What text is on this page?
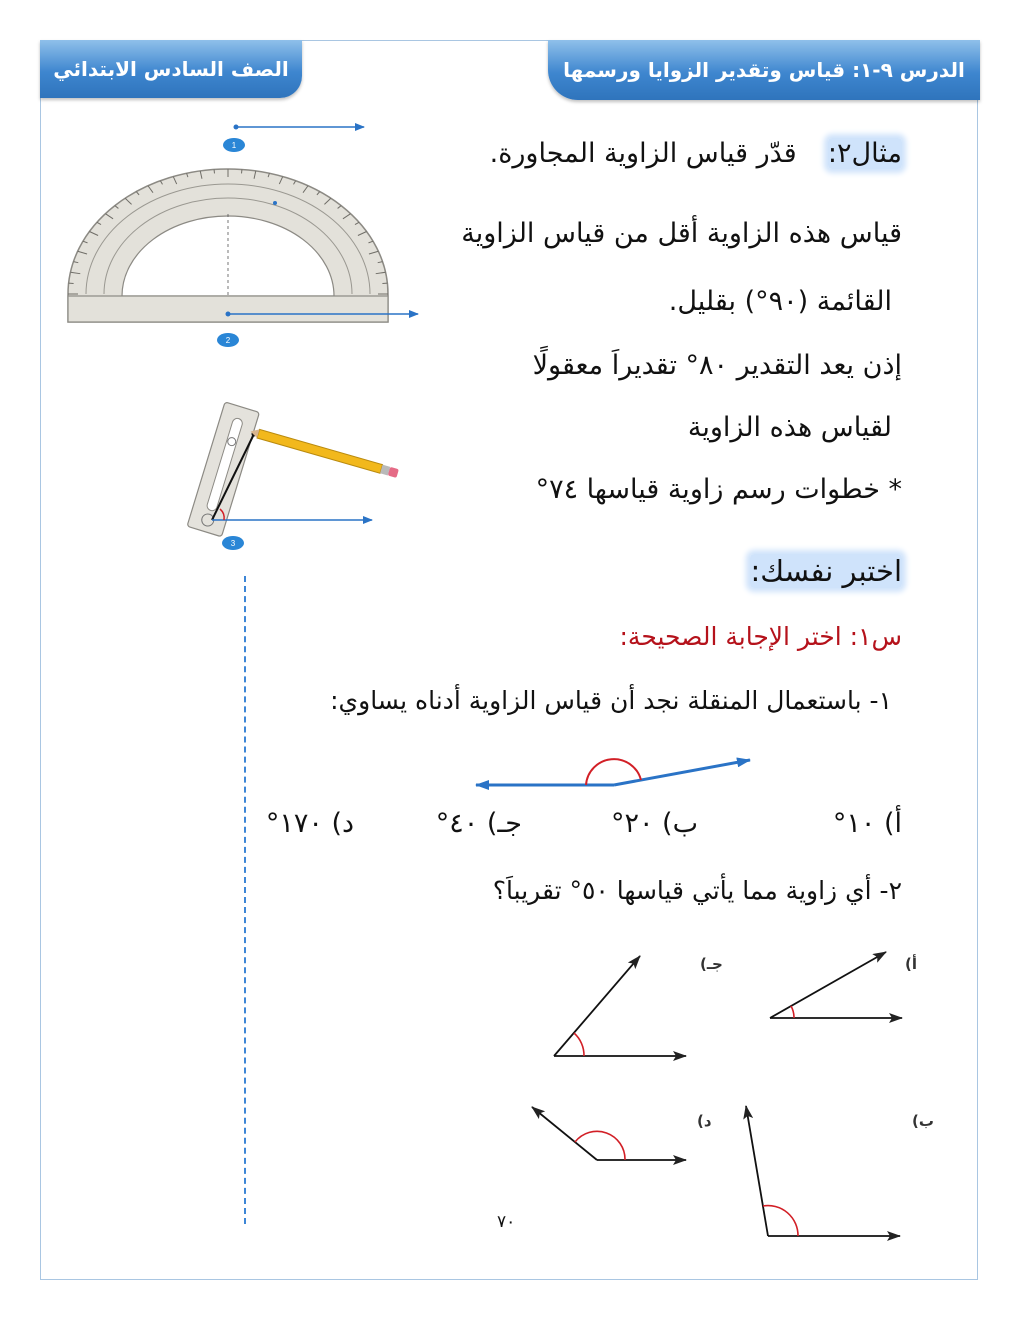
الدرس ٩-١: قياس وتقدير الزوايا ورسمها
الصف السادس الابتدائي
مثال٢:  قدّر قياس الزاوية المجاورة.
قياس هذه الزاوية أقل من قياس الزاوية
القائمة (٩٠°) بقليل.
إذن يعد التقدير ٨٠° تقديراَ معقولًا
لقياس هذه الزاوية
* خطوات رسم زاوية قياسها ٧٤°
اختبر نفسك:
س١: اختر الإجابة الصحيحة:
١- باستعمال المنقلة نجد أن قياس الزاوية أدناه يساوي:
أ) ١٠°
ب) ٢٠°
جـ) ٤٠°
د) ١٧٠°
٢- أي زاوية مما يأتي قياسها ٥٠° تقريباَ؟
أ)
جـ)
ب)
د)
1
2
3
٧٠
